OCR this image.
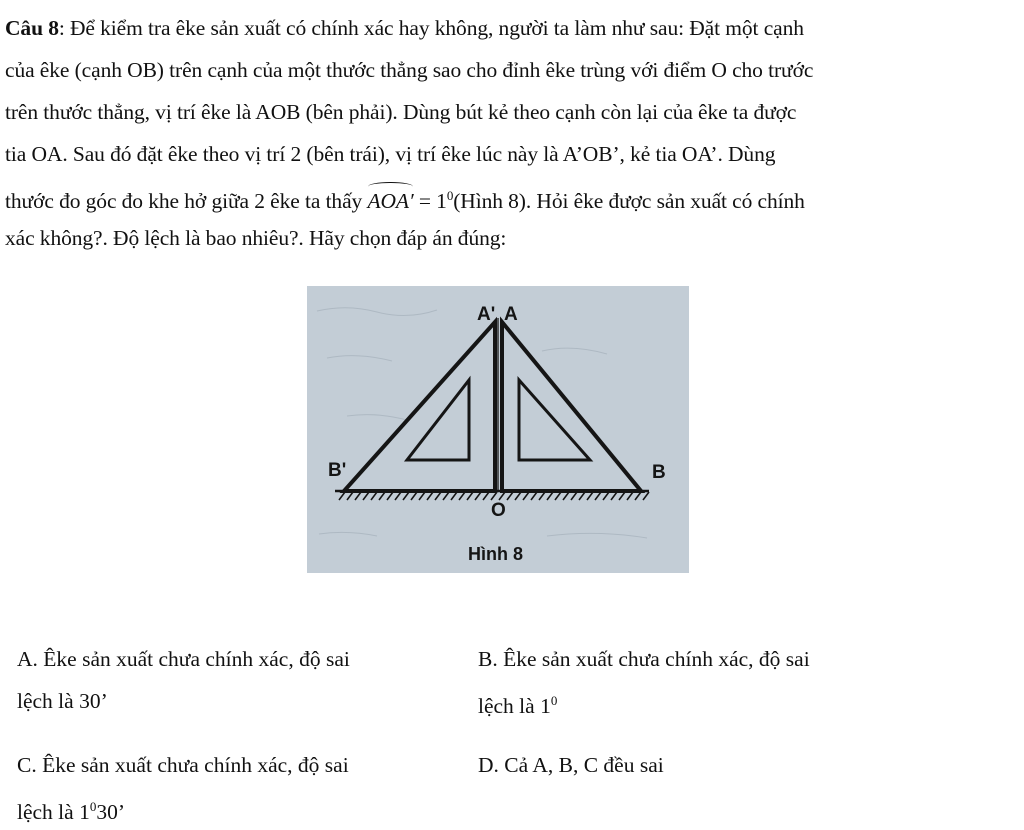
Câu 8: Để kiểm tra êke sản xuất có chính xác hay không, người ta làm như sau: Đặt một cạnh
của êke (cạnh OB) trên cạnh của một thước thẳng sao cho đỉnh êke trùng với điểm O cho trước
trên thước thẳng, vị trí êke là AOB (bên phải). Dùng bút kẻ theo cạnh còn lại của êke ta được
tia OA. Sau đó đặt êke theo vị trí 2 (bên trái), vị trí êke lúc này là A’OB’, kẻ tia OA’. Dùng
thước đo góc đo khe hở giữa 2 êke ta thấy $AOA' = 1^0(Hình$ 8). Hỏi êke được sản xuất có chính
xác không?. Độ lệch là bao nhiêu?. Hãy chọn đáp án đúng:
A' A
B'	B
O
Hình 8
A. Êke sản xuất chưa chính xác, độ sai
lệch là 30’
B. Êke sản xuất chưa chính xác, độ sai
lệch là $1^0$
C. Êke sản xuất chưa chính xác, độ sai
lệch là $1^030$’
D. Cả A, B, C đều sai
